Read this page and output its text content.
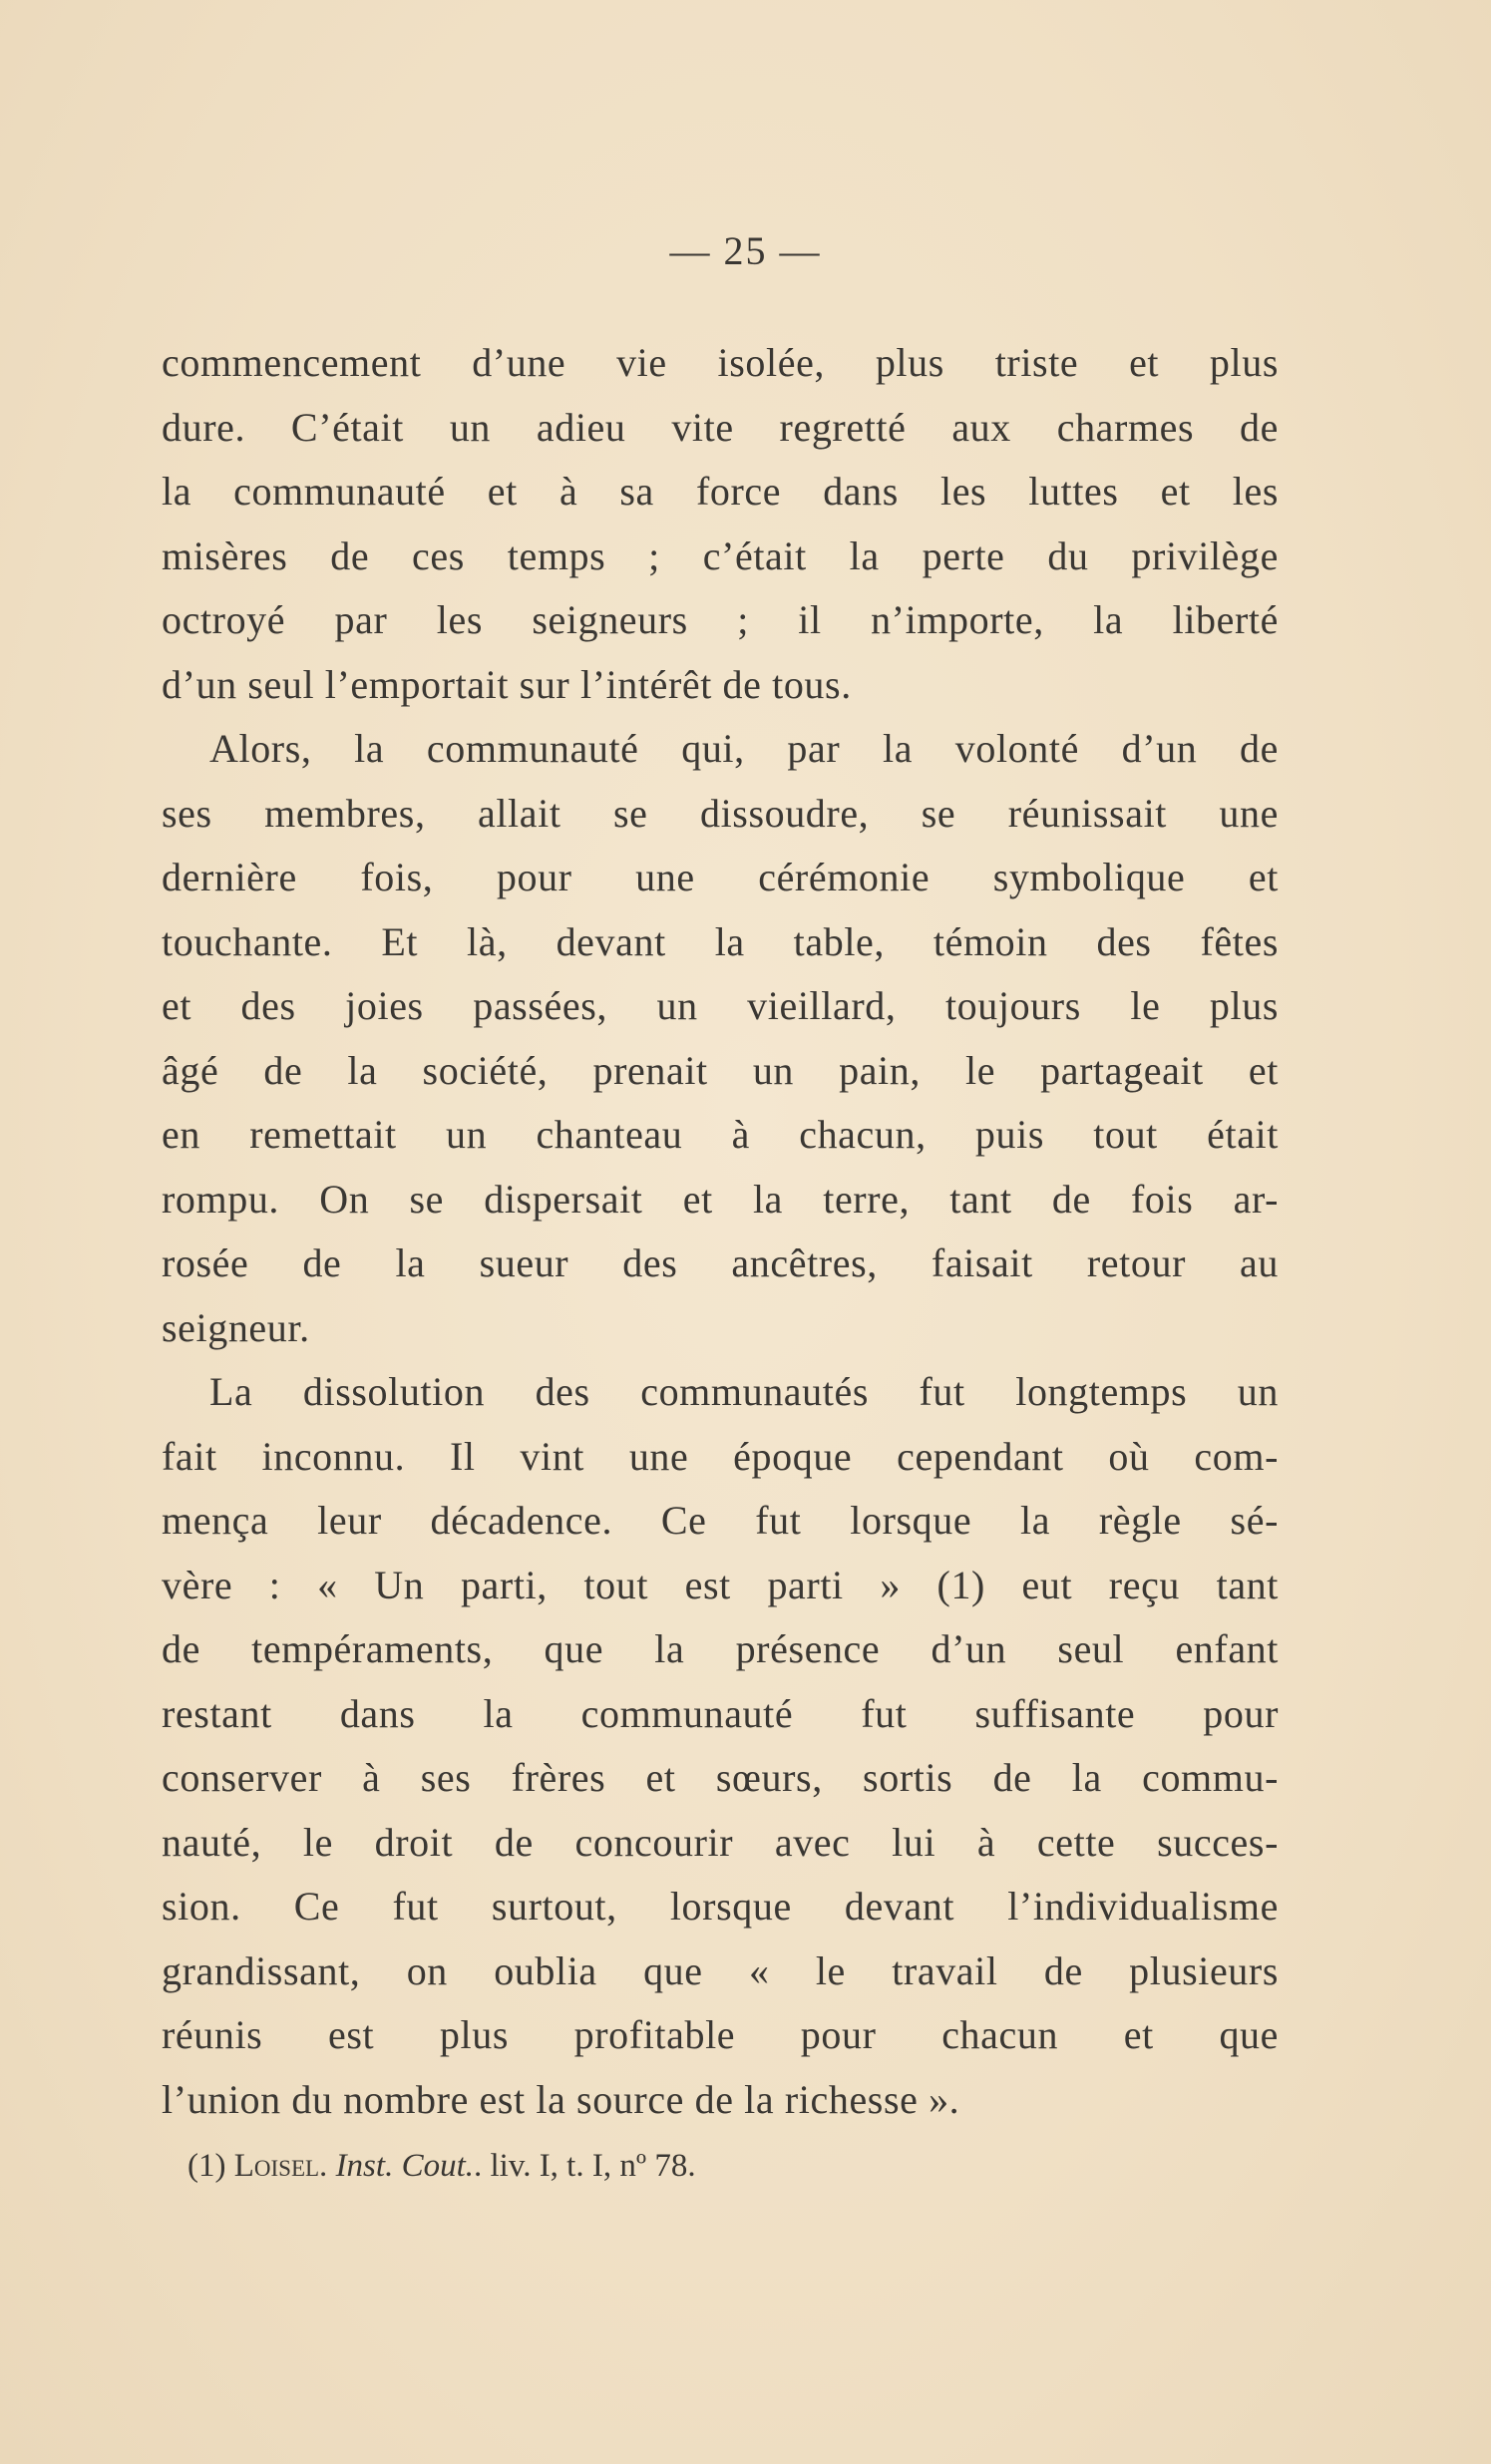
— 25 —
commencement d’une vie isolée, plus triste et plus
dure. C’était un adieu vite regretté aux charmes de
la communauté et à sa force dans les luttes et les
misères de ces temps ; c’était la perte du privilège
octroyé par les seigneurs ; il n’importe, la liberté
d’un seul l’emportait sur l’intérêt de tous.
Alors, la communauté qui, par la volonté d’un de
ses membres, allait se dissoudre, se réunissait une
dernière fois, pour une cérémonie symbolique et
touchante. Et là, devant la table, témoin des fêtes
et des joies passées, un vieillard, toujours le plus
âgé de la société, prenait un pain, le partageait et
en remettait un chanteau à chacun, puis tout était
rompu. On se dispersait et la terre, tant de fois ar-
rosée de la sueur des ancêtres, faisait retour au
seigneur.
La dissolution des communautés fut longtemps un
fait inconnu. Il vint une époque cependant où com-
mença leur décadence. Ce fut lorsque la règle sé-
vère : « Un parti, tout est parti » (1) eut reçu tant
de tempéraments, que la présence d’un seul enfant
restant dans la communauté fut suffisante pour
conserver à ses frères et sœurs, sortis de la commu-
nauté, le droit de concourir avec lui à cette succes-
sion. Ce fut surtout, lorsque devant l’individualisme
grandissant, on oublia que « le travail de plusieurs
réunis est plus profitable pour chacun et que
l’union du nombre est la source de la richesse ».
(1) Loisel. Inst. Cout.. liv. I, t. I, nº 78.
